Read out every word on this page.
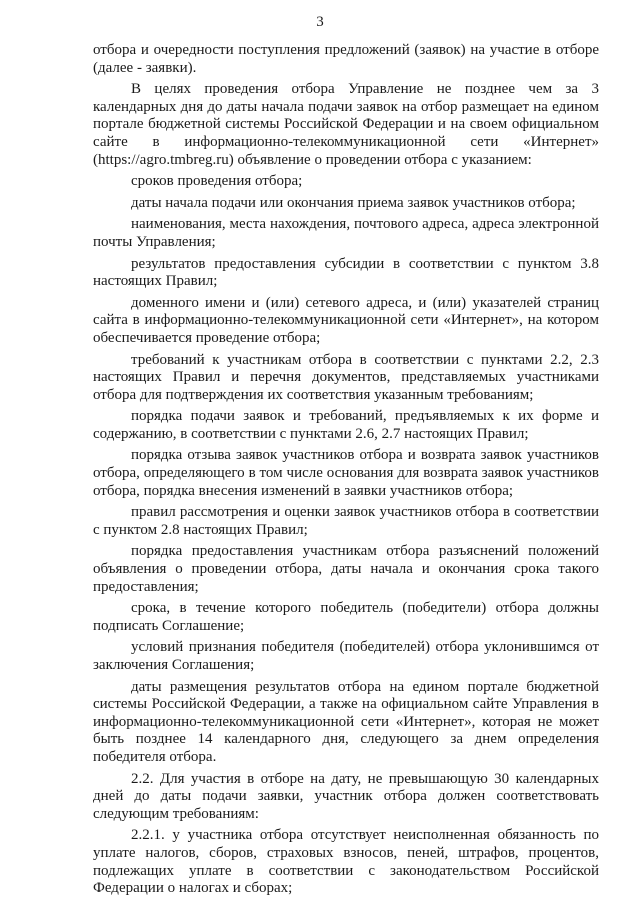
3

отбора и очередности поступления предложений (заявок) на участие в отборе (далее - заявки).

В целях проведения отбора Управление не позднее чем за 3 календарных дня до даты начала подачи заявок на отбор размещает на едином портале бюджетной системы Российской Федерации и на своем официальном сайте в информационно-телекоммуникационной сети «Интернет» (https://agro.tmbreg.ru) объявление о проведении отбора с указанием:

сроков проведения отбора;

даты начала подачи или окончания приема заявок участников отбора;

наименования, места нахождения, почтового адреса, адреса электронной почты Управления;

результатов предоставления субсидии в соответствии с пунктом 3.8 настоящих Правил;

доменного имени и (или) сетевого адреса, и (или) указателей страниц сайта в информационно-телекоммуникационной сети «Интернет», на котором обеспечивается проведение отбора;

требований к участникам отбора в соответствии с пунктами 2.2, 2.3 настоящих Правил и перечня документов, представляемых участниками отбора для подтверждения их соответствия указанным требованиям;

порядка подачи заявок и требований, предъявляемых к их форме и содержанию, в соответствии с пунктами 2.6, 2.7 настоящих Правил;

порядка отзыва заявок участников отбора и возврата заявок участников отбора, определяющего в том числе основания для возврата заявок участников отбора, порядка внесения изменений в заявки участников отбора;

правил рассмотрения и оценки заявок участников отбора в соответствии с пунктом 2.8 настоящих Правил;

порядка предоставления участникам отбора разъяснений положений объявления о проведении отбора, даты начала и окончания срока такого предоставления;

срока, в течение которого победитель (победители) отбора должны подписать Соглашение;

условий признания победителя (победителей) отбора уклонившимся от заключения Соглашения;

даты размещения результатов отбора на едином портале бюджетной системы Российской Федерации, а также на официальном сайте Управления в информационно-телекоммуникационной сети «Интернет», которая не может быть позднее 14 календарного дня, следующего за днем определения победителя отбора.

2.2. Для участия в отборе на дату, не превышающую 30 календарных дней до даты подачи заявки, участник отбора должен соответствовать следующим требованиям:

2.2.1. у участника отбора отсутствует неисполненная обязанность по уплате налогов, сборов, страховых взносов, пеней, штрафов, процентов, подлежащих уплате в соответствии с законодательством Российской Федерации о налогах и сборах;
